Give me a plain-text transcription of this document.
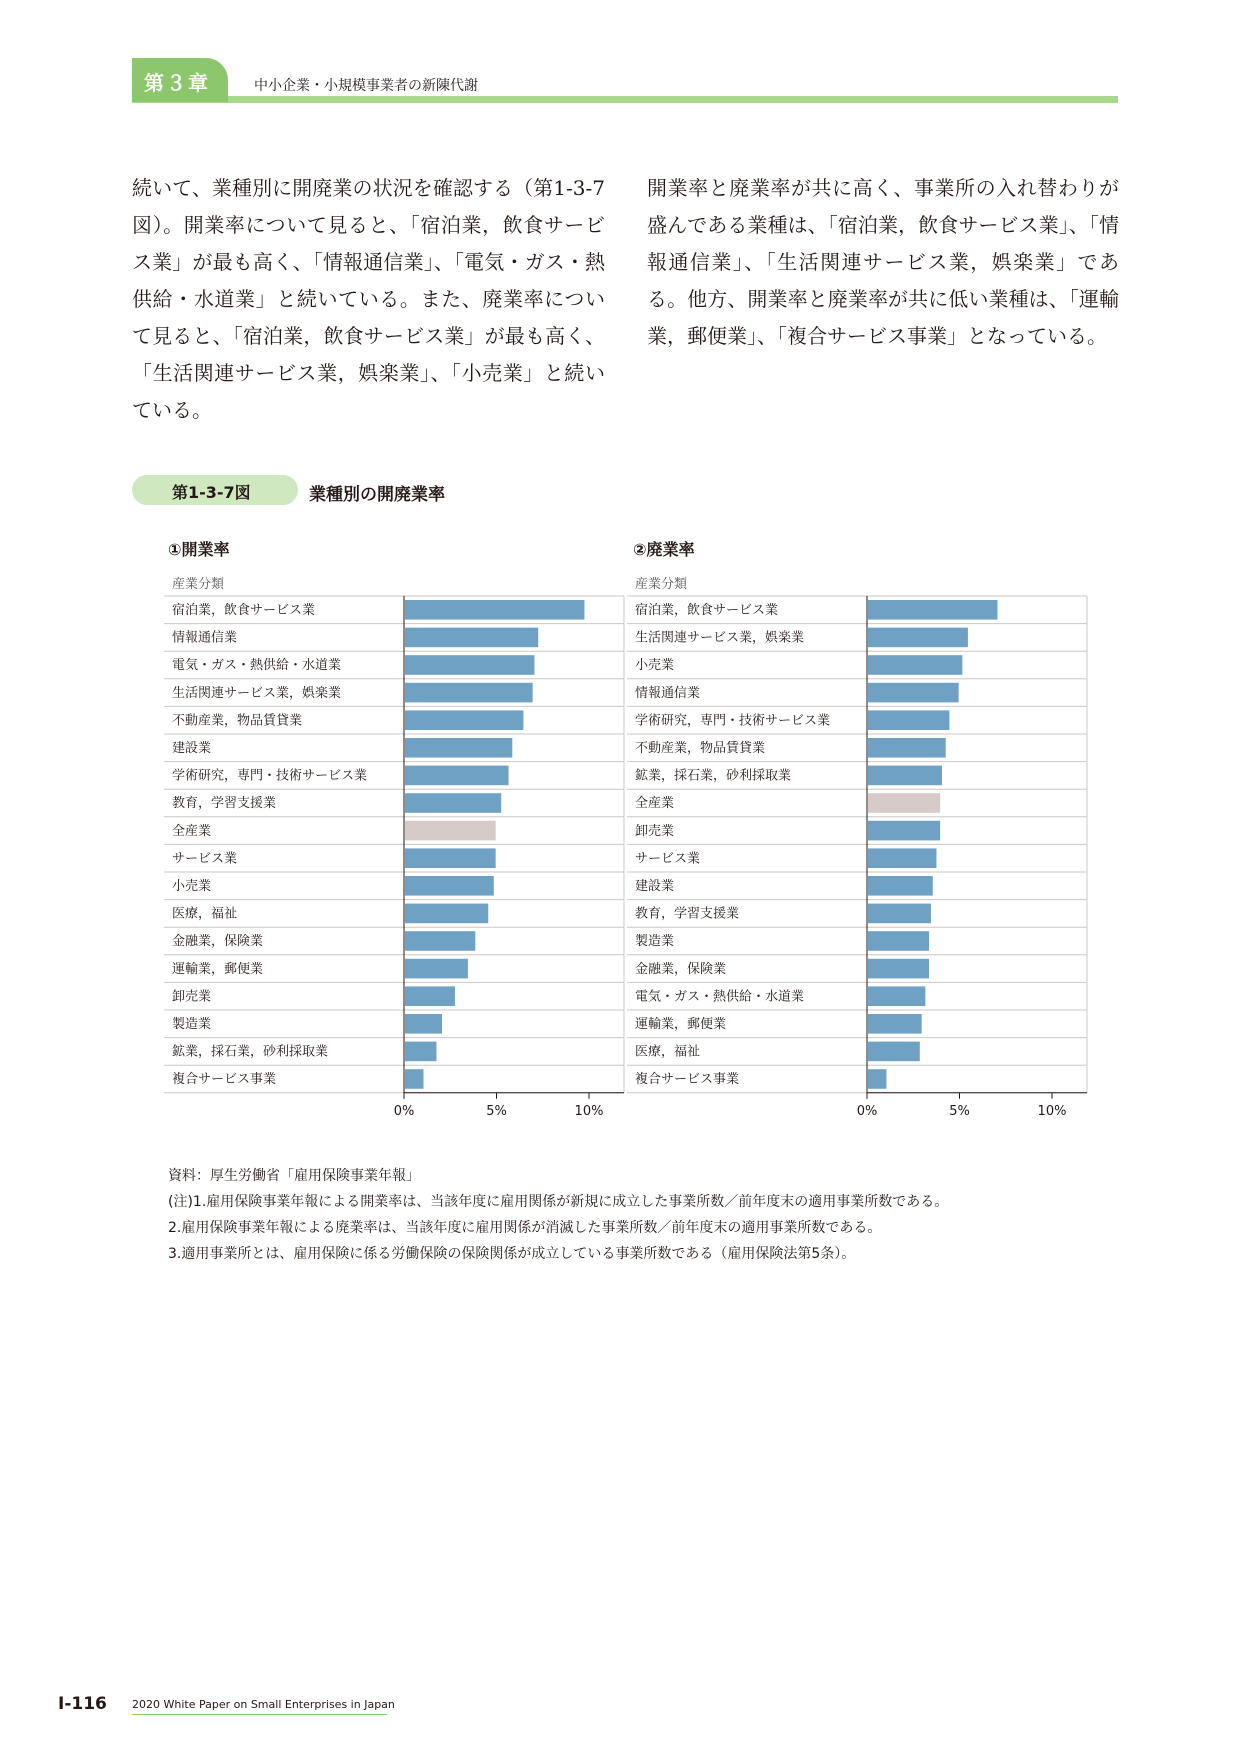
第３章	中小企業・小規模事業者の新陳代謝

続いて、業種別に開廃業の状況を確認する（第1-3-7図）。開業率について見ると、「宿泊業，飲食サービス業」が最も高く、「情報通信業」、「電気・ガス・熱供給・水道業」と続いている。また、廃業率について見ると、「宿泊業，飲食サービス業」が最も高く、「生活関連サービス業，娯楽業」、「小売業」と続いている。

開業率と廃業率が共に高く、事業所の入れ替わりが盛んである業種は、「宿泊業，飲食サービス業」、「情報通信業」、「生活関連サービス業，娯楽業」である。他方、開業率と廃業率が共に低い業種は、「運輸業，郵便業」、「複合サービス事業」となっている。

第1-3-7図	業種別の開廃業率
①開業率	②廃業率
産業分類
宿泊業，飲食サービス業
情報通信業
電気・ガス・熱供給・水道業
生活関連サービス業，娯楽業
不動産業，物品賃貸業
建設業
学術研究，専門・技術サービス業
教育，学習支援業
全産業
サービス業
小売業
医療，福祉
金融業，保険業
運輸業，郵便業
卸売業
製造業
鉱業，採石業，砂利採取業
複合サービス事業
0%	5%	10%
産業分類
宿泊業，飲食サービス業
生活関連サービス業，娯楽業
小売業
情報通信業
学術研究，専門・技術サービス業
不動産業，物品賃貸業
鉱業，採石業，砂利採取業
全産業
卸売業
サービス業
建設業
教育，学習支援業
製造業
金融業，保険業
電気・ガス・熱供給・水道業
運輸業，郵便業
医療，福祉
複合サービス事業
0%	5%	10%
資料：厚生労働省「雇用保険事業年報」
(注)1.雇用保険事業年報による開業率は、当該年度に雇用関係が新規に成立した事業所数／前年度末の適用事業所数である。
2.雇用保険事業年報による廃業率は、当該年度に雇用関係が消滅した事業所数／前年度末の適用事業所数である。
3.適用事業所とは、雇用保険に係る労働保険の保険関係が成立している事業所数である（雇用保険法第5条）。
Ⅰ-116 2020 White Paper on Small Enterprises in Japan
